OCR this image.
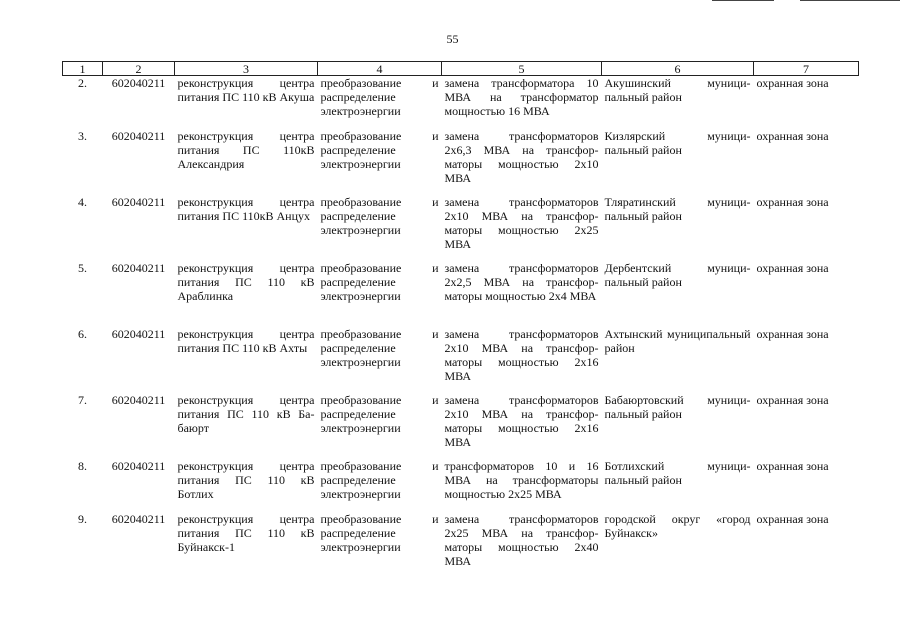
55
1	2	3	4	5	6	7
2.	602040211	реконструкция центра питания ПС 110 кВ Акуша	преобразование и распределение электроэнергии	замена трансформатора 10 МВА на трансформатор мощностью 16 МВА	Акушинский муниципальный район	охранная зона
3.	602040211	реконструкция центра питания ПС 110кВ Александрия	преобразование и распределение электроэнергии	замена трансформаторов 2х6,3 МВА на трансформаторы мощностью 2х10 МВА	Кизлярский муниципальный район	охранная зона
4.	602040211	реконструкция центра питания ПС 110кВ Анцух	преобразование и распределение электроэнергии	замена трансформаторов 2х10 МВА на трансформаторы мощностью 2х25 МВА	Тляратинский муниципальный район	охранная зона
5.	602040211	реконструкция центра питания ПС 110 кВ Араблинка	преобразование и распределение электроэнергии	замена трансформаторов 2х2,5 МВА на трансформаторы мощностью 2х4 МВА	Дербентский муниципальный район	охранная зона
6.	602040211	реконструкция центра питания ПС 110 кВ Ахты	преобразование и распределение электроэнергии	замена трансформаторов 2х10 МВА на трансформаторы мощностью 2х16 МВА	Ахтынский муниципальный район	охранная зона
7.	602040211	реконструкция центра питания ПС 110 кВ Бабаюрт	преобразование и распределение электроэнергии	замена трансформаторов 2х10 МВА на трансформаторы мощностью 2х16 МВА	Бабаюртовский муниципальный район	охранная зона
8.	602040211	реконструкция центра питания ПС 110 кВ Ботлих	преобразование и распределение электроэнергии	трансформаторов 10 и 16 МВА на трансформаторы мощностью 2х25 МВА	Ботлихский муниципальный район	охранная зона
9.	602040211	реконструкция центра питания ПС 110 кВ Буйнакск-1	преобразование и распределение электроэнергии	замена трансформаторов 2х25 МВА на трансформаторы мощностью 2х40 МВА	городской округ «город Буйнакск»	охранная зона
